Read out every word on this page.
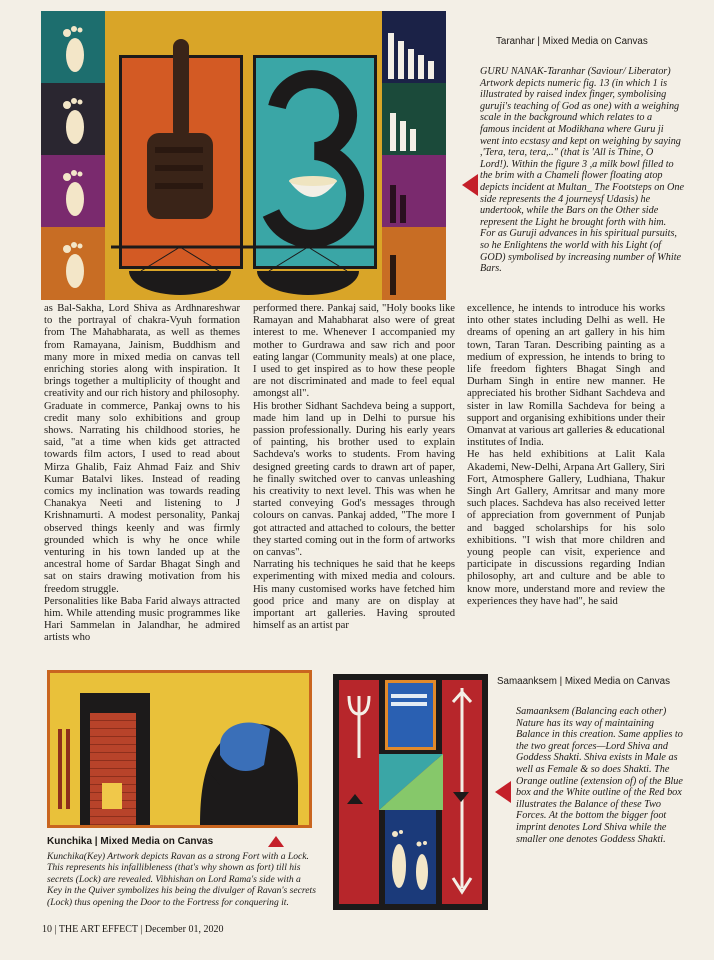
Taranhar | Mixed Media on Canvas
GURU NANAK-Taranhar (Saviour/ Liberator) Artwork depicts numeric fig. 13 (in which 1 is illustrated by raised index finger, symbolising guruji's teaching of God as one) with a weighing scale in the background which relates to a famous incident at Modikhana where Guru ji went into ecstasy and kept on weighing by saying ,'Tera, tera, tera,.." (that is 'All is Thine, O Lord!). Within the figure 3 ,a milk bowl filled to the brim with a Chameli flower floating atop depicts incident at Multan_ The Footsteps on One side represents the 4 journeysf Udasis) he undertook, while the Bars on the Other side represent the Light he brought forth with him. For as Guruji advances in his spiritual pursuits, so he Enlightens the world with his Light (of GOD) symbolised by increasing number of White Bars.

as Bal-Sakha, Lord Shiva as Ardhnareshwar to the portrayal of chakra-Vyuh formation from The Mahabharata, as well as themes from Ramayana, Jainism, Buddhism and many more in mixed media on canvas tell enriching stories along with inspiration. It brings together a multiplicity of thought and creativity and our rich history and philosophy.

Graduate in commerce, Pankaj owns to his credit many solo exhibitions and group shows. Narrating his childhood stories, he said, "at a time when kids get attracted towards film actors, I used to read about Mirza Ghalib, Faiz Ahmad Faiz and Shiv Kumar Batalvi likes. Instead of reading comics my inclination was towards reading Chanakya Neeti and listening to J Krishnamurti. A modest personality, Pankaj observed things keenly and was firmly grounded which is why he once while venturing in his town landed up at the ancestral home of Sardar Bhagat Singh and sat on stairs drawing motivation from his freedom struggle.

Personalities like Baba Farid always attracted him. While attending music programmes like Hari Sammelan in Jalandhar, he admired artists who

performed there. Pankaj said, "Holy books like Ramayan and Mahabharat also were of great interest to me. Whenever I accompanied my mother to Gurdrawa and saw rich and poor eating langar (Community meals) at one place, I used to get inspired as to how these people are not discriminated and made to feel equal amongst all".

His brother Sidhant Sachdeva being a support, made him land up in Delhi to pursue his passion professionally. During his early years of painting, his brother used to explain Sachdeva's works to students. From having designed greeting cards to drawn art of paper, he finally switched over to canvas unleashing his creativity to next level. This was when he started conveying God's messages through colours on canvas. Pankaj added, "The more I got attracted and attached to colours, the better they started coming out in the form of artworks on canvas".

Narrating his techniques he said that he keeps experimenting with mixed media and colours. His many customised works have fetched him good price and many are on display at important art galleries. Having sprouted himself as an artist par

excellence, he intends to introduce his works into other states including Delhi as well. He dreams of opening an art gallery in his him town, Taran Taran. Describing painting as a medium of expression, he intends to bring to life freedom fighters Bhagat Singh and Durham Singh in entire new manner. He appreciated his brother Sidhant Sachdeva and sister in law Romilla Sachdeva for being a support and organising exhibitions under their Omanvat at various art galleries & educational institutes of India.

He has held exhibitions at Lalit Kala Akademi, New-Delhi, Arpana Art Gallery, Siri Fort, Atmosphere Gallery, Ludhiana, Thakur Singh Art Gallery, Amritsar and many more such places. Sachdeva has also received letter of appreciation from government of Punjab and bagged scholarships for his solo exhibitions. "I wish that more children and young people can visit, experience and participate in discussions regarding Indian philosophy, art and culture and be able to know more, understand more and review the experiences they have had", he said

Kunchika | Mixed Media on Canvas
Kunchika(Key) Artwork depicts Ravan as a strong Fort with a Lock. This represents his infallibleness (that's why shown as fort) till his secrets (Lock) are revealed. Vibhishan on Lord Rama's side with a Key in the Quiver symbolizes his being the divulger of Ravan's secrets (Lock) thus opening the Door to the Fortress for conquering it.
Samaanksem | Mixed Media on Canvas
Samaanksem (Balancing each other) Nature has its way of maintaining Balance in this creation. Same applies to the two great forces—Lord Shiva and Goddess Shakti. Shiva exists in Male as well as Female & so does Shakti. The Orange outline (extension of) of the Blue box and the White outline of the Red box illustrates the Balance of these Two Forces. At the bottom the bigger foot imprint denotes Lord Shiva while the smaller one denotes Goddess Shakti.
10 | THE ART EFFECT | December 01, 2020
